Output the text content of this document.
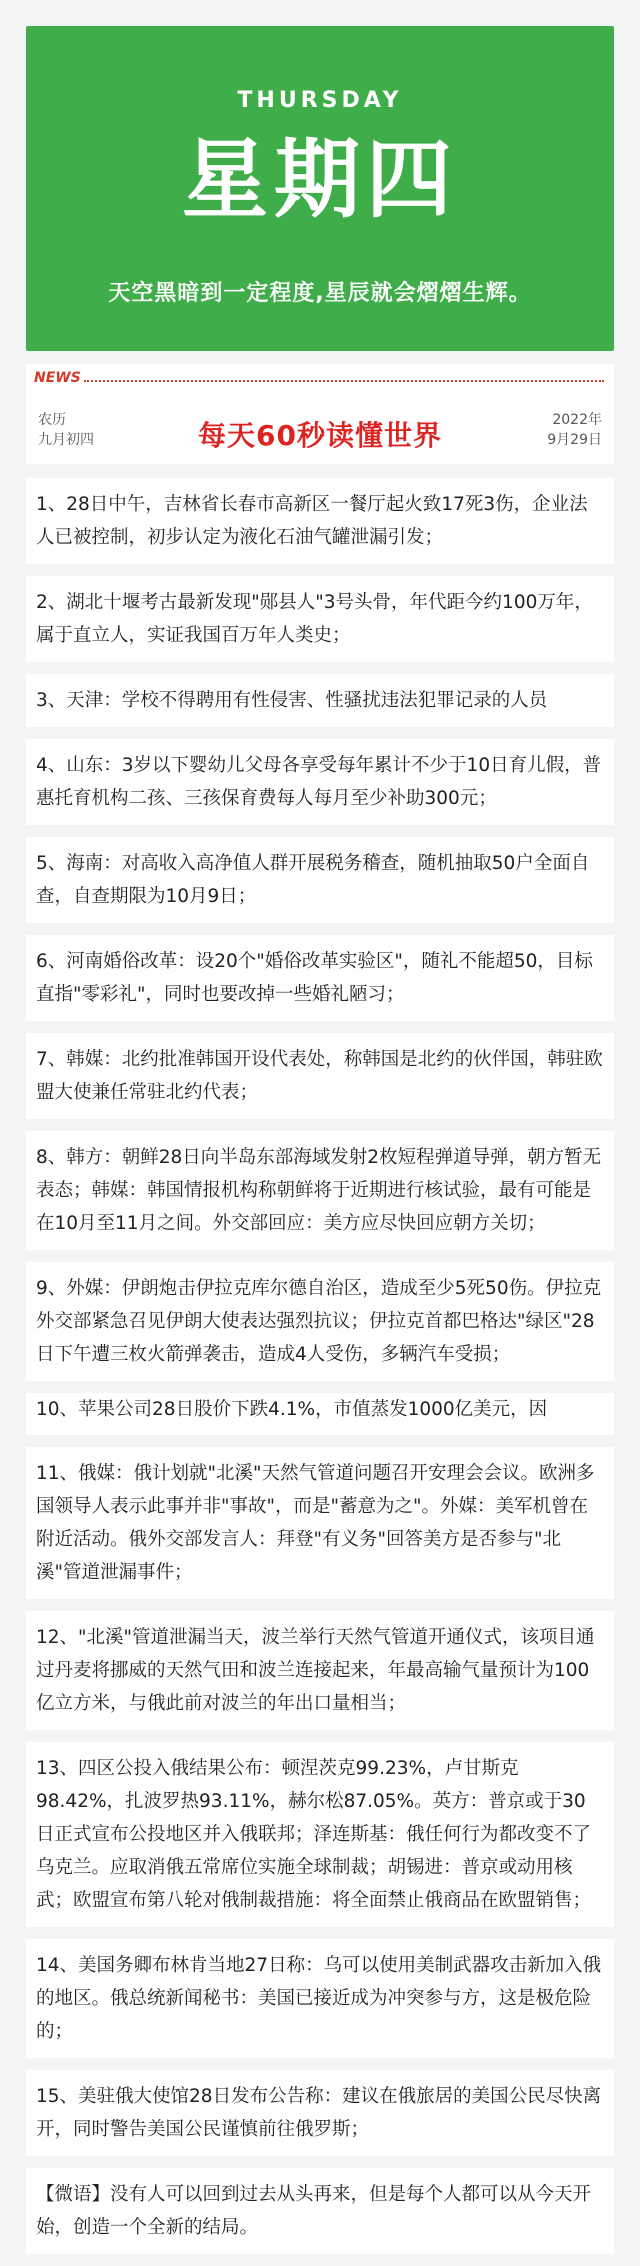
THURSDAY
星期四
天空黑暗到一定程度,星辰就会熠熠生辉。
NEWS
农历
九月初四	每天60秒读懂世界	2022年
9月29日
1、28日中午，吉林省长春市高新区一餐厅起火致17死3伤，企业法人已被控制，初步认定为液化石油气罐泄漏引发；
2、湖北十堰考古最新发现"郧县人"3号头骨，年代距今约100万年，属于直立人，实证我国百万年人类史；
3、天津：学校不得聘用有性侵害、性骚扰违法犯罪记录的人员
4、山东：3岁以下婴幼儿父母各享受每年累计不少于10日育儿假，普惠托育机构二孩、三孩保育费每人每月至少补助300元；
5、海南：对高收入高净值人群开展税务稽查，随机抽取50户全面自查，自查期限为10月9日；
6、河南婚俗改革：设20个"婚俗改革实验区"，随礼不能超50，目标直指"零彩礼"，同时也要改掉一些婚礼陋习；
7、韩媒：北约批准韩国开设代表处，称韩国是北约的伙伴国，韩驻欧盟大使兼任常驻北约代表；
8、韩方：朝鲜28日向半岛东部海域发射2枚短程弹道导弹，朝方暂无表态；韩媒：韩国情报机构称朝鲜将于近期进行核试验，最有可能是在10月至11月之间。外交部回应：美方应尽快回应朝方关切；
9、外媒：伊朗炮击伊拉克库尔德自治区，造成至少5死50伤。伊拉克外交部紧急召见伊朗大使表达强烈抗议；伊拉克首都巴格达"绿区"28日下午遭三枚火箭弹袭击，造成4人受伤，多辆汽车受损；
10、苹果公司28日股价下跌4.1%，市值蒸发1000亿美元，因
11、俄媒：俄计划就"北溪"天然气管道问题召开安理会会议。欧洲多国领导人表示此事并非"事故"，而是"蓄意为之"。外媒：美军机曾在附近活动。俄外交部发言人：拜登"有义务"回答美方是否参与"北溪"管道泄漏事件；
12、"北溪"管道泄漏当天，波兰举行天然气管道开通仪式，该项目通过丹麦将挪威的天然气田和波兰连接起来，年最高输气量预计为100亿立方米，与俄此前对波兰的年出口量相当；
13、四区公投入俄结果公布：顿涅茨克99.23%，卢甘斯克98.42%，扎波罗热93.11%，赫尔松87.05%。英方：普京或于30日正式宣布公投地区并入俄联邦；泽连斯基：俄任何行为都改变不了乌克兰。应取消俄五常席位实施全球制裁；胡锡进：普京或动用核武；欧盟宣布第八轮对俄制裁措施：将全面禁止俄商品在欧盟销售；
14、美国务卿布林肯当地27日称：乌可以使用美制武器攻击新加入俄的地区。俄总统新闻秘书：美国已接近成为冲突参与方，这是极危险的；
15、美驻俄大使馆28日发布公告称：建议在俄旅居的美国公民尽快离开，同时警告美国公民谨慎前往俄罗斯；
【微语】没有人可以回到过去从头再来，但是每个人都可以从今天开始，创造一个全新的结局。
